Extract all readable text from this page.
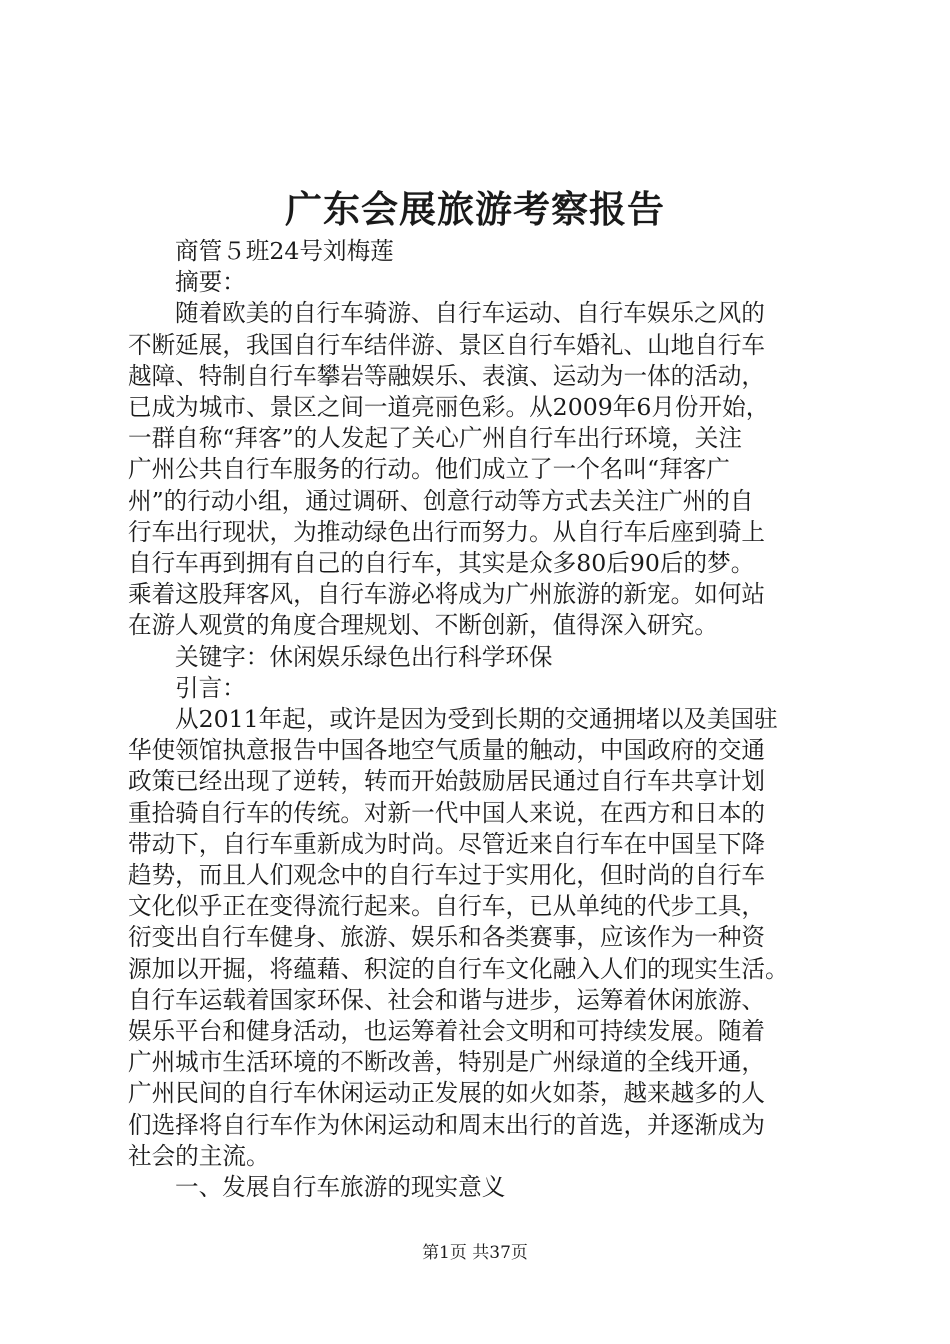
广东会展旅游考察报告

商管５班24号刘梅莲

摘要：

随着欧美的自行车骑游、自行车运动、自行车娱乐之风的

不断延展，我国自行车结伴游、景区自行车婚礼、山地自行车

越障、特制自行车攀岩等融娱乐、表演、运动为一体的活动，

已成为城市、景区之间一道亮丽色彩。从2009年6月份开始，

一群自称“拜客”的人发起了关心广州自行车出行环境，关注

广州公共自行车服务的行动。他们成立了一个名叫“拜客广

州”的行动小组，通过调研、创意行动等方式去关注广州的自

行车出行现状，为推动绿色出行而努力。从自行车后座到骑上

自行车再到拥有自己的自行车，其实是众多80后90后的梦。

乘着这股拜客风，自行车游必将成为广州旅游的新宠。如何站

在游人观赏的角度合理规划、不断创新，值得深入研究。

关键字：休闲娱乐绿色出行科学环保

引言：

从2011年起，或许是因为受到长期的交通拥堵以及美国驻

华使领馆执意报告中国各地空气质量的触动，中国政府的交通

政策已经出现了逆转，转而开始鼓励居民通过自行车共享计划

重拾骑自行车的传统。对新一代中国人来说，在西方和日本的

带动下，自行车重新成为时尚。尽管近来自行车在中国呈下降

趋势，而且人们观念中的自行车过于实用化，但时尚的自行车

文化似乎正在变得流行起来。自行车，已从单纯的代步工具，

衍变出自行车健身、旅游、娱乐和各类赛事，应该作为一种资

源加以开掘，将蕴藉、积淀的自行车文化融入人们的现实生活。

自行车运载着国家环保、社会和谐与进步，运筹着休闲旅游、

娱乐平台和健身活动，也运筹着社会文明和可持续发展。随着

广州城市生活环境的不断改善，特别是广州绿道的全线开通，

广州民间的自行车休闲运动正发展的如火如荼，越来越多的人

们选择将自行车作为休闲运动和周末出行的首选，并逐渐成为

社会的主流。

一、发展自行车旅游的现实意义

第1页 共37页
